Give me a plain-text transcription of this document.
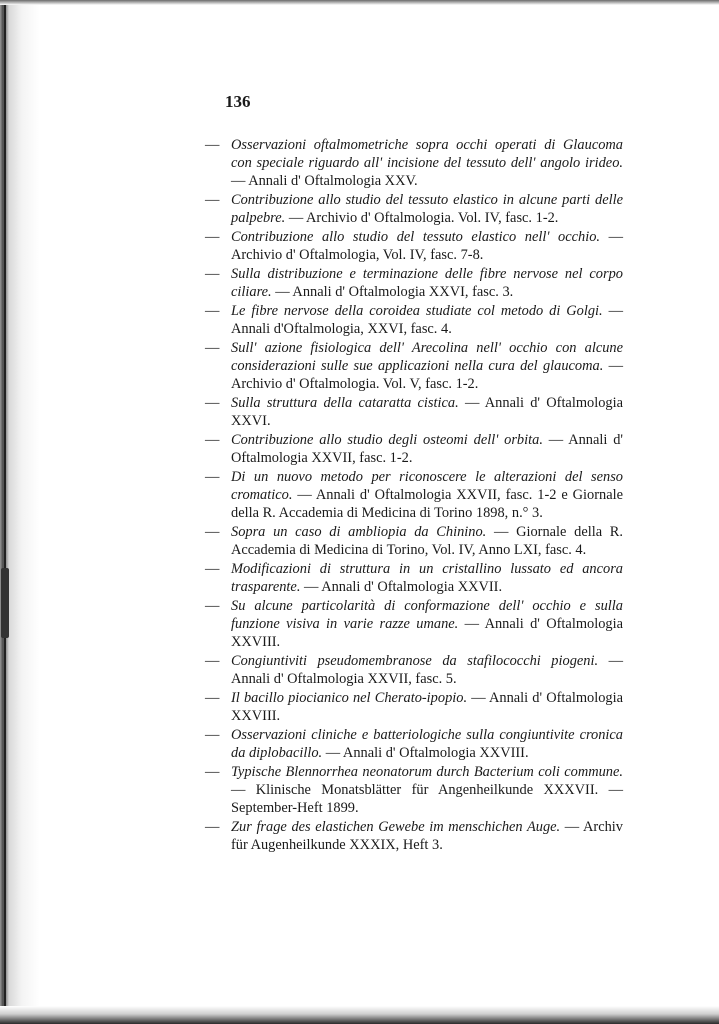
136
— Osservazioni oftalmometriche sopra occhi operati di Glaucoma con speciale riguardo all' incisione del tessuto dell' angolo irideo. — Annali d' Oftalmologia XXV.
— Contribuzione allo studio del tessuto elastico in alcune parti delle palpebre. — Archivio d' Oftalmologia. Vol. IV, fasc. 1-2.
— Contribuzione allo studio del tessuto elastico nell' occhio. — Archivio d' Oftalmologia, Vol. IV, fasc. 7-8.
— Sulla distribuzione e terminazione delle fibre nervose nel corpo ciliare. — Annali d' Oftalmologia XXVI, fasc. 3.
— Le fibre nervose della coroidea studiate col metodo di Golgi. — Annali d'Oftalmologia, XXVI, fasc. 4.
— Sull' azione fisiologica dell' Arecolina nell' occhio con alcune considerazioni sulle sue applicazioni nella cura del glaucoma. — Archivio d' Oftalmologia. Vol. V, fasc. 1-2.
— Sulla struttura della cataratta cistica. — Annali d' Oftalmologia XXVI.
— Contribuzione allo studio degli osteomi dell' orbita. — Annali d' Oftalmologia XXVII, fasc. 1-2.
— Di un nuovo metodo per riconoscere le alterazioni del senso cromatico. — Annali d' Oftalmologia XXVII, fasc. 1-2 e Giornale della R. Accademia di Medicina di Torino 1898, n.° 3.
— Sopra un caso di ambliopia da Chinino. — Giornale della R. Accademia di Medicina di Torino, Vol. IV, Anno LXI, fasc. 4.
— Modificazioni di struttura in un cristallino lussato ed ancora trasparente. — Annali d' Oftalmologia XXVII.
— Su alcune particolarità di conformazione dell' occhio e sulla funzione visiva in varie razze umane. — Annali d' Oftalmologia XXVIII.
— Congiuntiviti pseudomembranose da stafilococchi piogeni. — Annali d' Oftalmologia XXVII, fasc. 5.
— Il bacillo piocianico nel Cherato-ipopio. — Annali d' Oftalmologia XXVIII.
— Osservazioni cliniche e batteriologiche sulla congiuntivite cronica da diplobacillo. — Annali d' Oftalmologia XXVIII.
— Typische Blennorrhea neonatorum durch Bacterium coli commune. — Klinische Monatsblätter für Angenheilkunde XXXVII. — September-Heft 1899.
— Zur frage des elastichen Gewebe im menschichen Auge. — Archiv für Augenheilkunde XXXIX, Heft 3.
